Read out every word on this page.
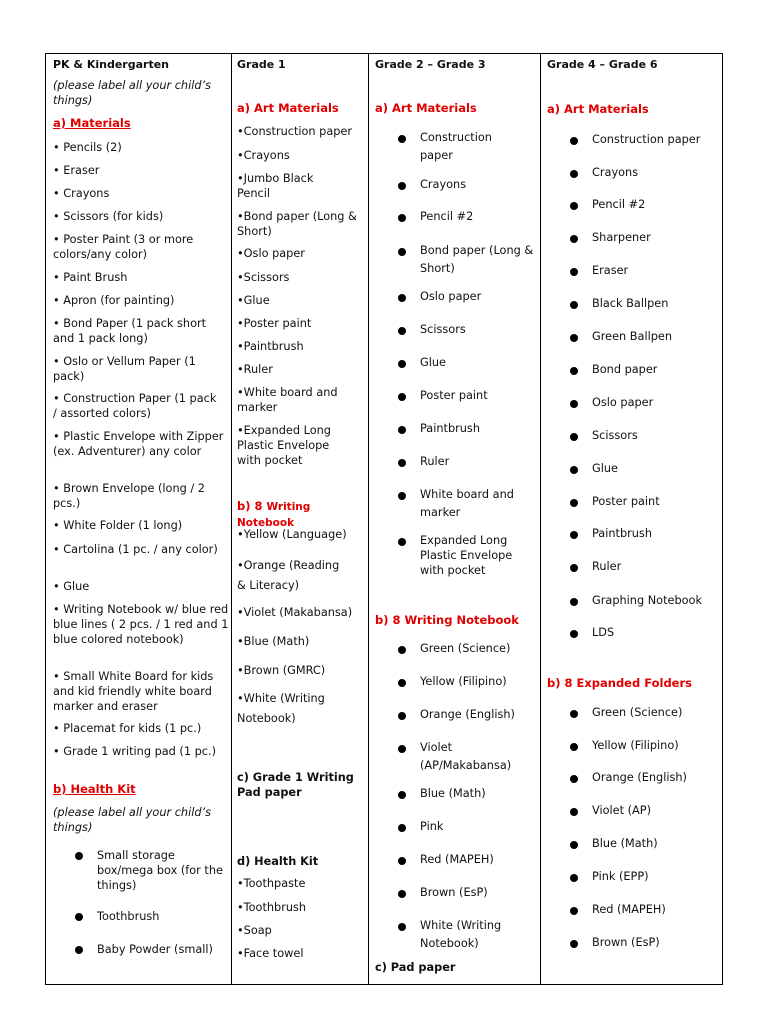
PK & Kindergarten
(please label all your child’s things)
a) Materials
• Pencils (2)
• Eraser
• Crayons
• Scissors (for kids)
• Poster Paint (3 or more colors/any color)
• Paint Brush
• Apron (for painting)
• Bond Paper (1 pack short and 1 pack long)
• Oslo or Vellum Paper (1 pack)
• Construction Paper (1 pack / assorted colors)
• Plastic Envelope with Zipper (ex. Adventurer) any color
• Brown Envelope (long / 2 pcs.)
• White Folder (1 long)
• Cartolina (1 pc. / any color)
• Glue
• Writing Notebook w/ blue red blue lines ( 2 pcs. / 1 red and 1 blue colored notebook)
• Small White Board for kids and kid friendly white board marker and eraser
• Placemat for kids (1 pc.)
• Grade 1 writing pad (1 pc.)
b) Health Kit
(please label all your child’s things)
Small storage box/mega box (for the things)
Toothbrush
Baby Powder (small)
Grade 1
a) Art Materials
•Construction paper
•Crayons
•Jumbo Black Pencil
•Bond paper (Long & Short)
•Oslo paper
•Scissors
•Glue
•Poster paint
•Paintbrush
•Ruler
•White board and marker
•Expanded Long Plastic Envelope with pocket
b) 8 Writing Notebook
•Yellow (Language)
•Orange (Reading & Literacy)
•Violet (Makabansa)
•Blue (Math)
•Brown (GMRC)
•White (Writing Notebook)
c) Grade 1 Writing Pad paper
d) Health Kit
•Toothpaste
•Toothbrush
•Soap
•Face towel
Grade 2 – Grade 3
a) Art Materials
Construction paper
Crayons
Pencil #2
Bond paper (Long & Short)
Oslo paper
Scissors
Glue
Poster paint
Paintbrush
Ruler
White board and marker
Expanded Long Plastic Envelope with pocket
b) 8 Writing Notebook
Green (Science)
Yellow (Filipino)
Orange (English)
Violet (AP/Makabansa)
Blue (Math)
Pink
Red (MAPEH)
Brown (EsP)
White (Writing Notebook)
c) Pad paper
Grade 4 – Grade 6
a) Art Materials
Construction paper
Crayons
Pencil #2
Sharpener
Eraser
Black Ballpen
Green Ballpen
Bond paper
Oslo paper
Scissors
Glue
Poster paint
Paintbrush
Ruler
Graphing Notebook
LDS
b) 8 Expanded Folders
Green (Science)
Yellow (Filipino)
Orange (English)
Violet (AP)
Blue (Math)
Pink (EPP)
Red (MAPEH)
Brown (EsP)
